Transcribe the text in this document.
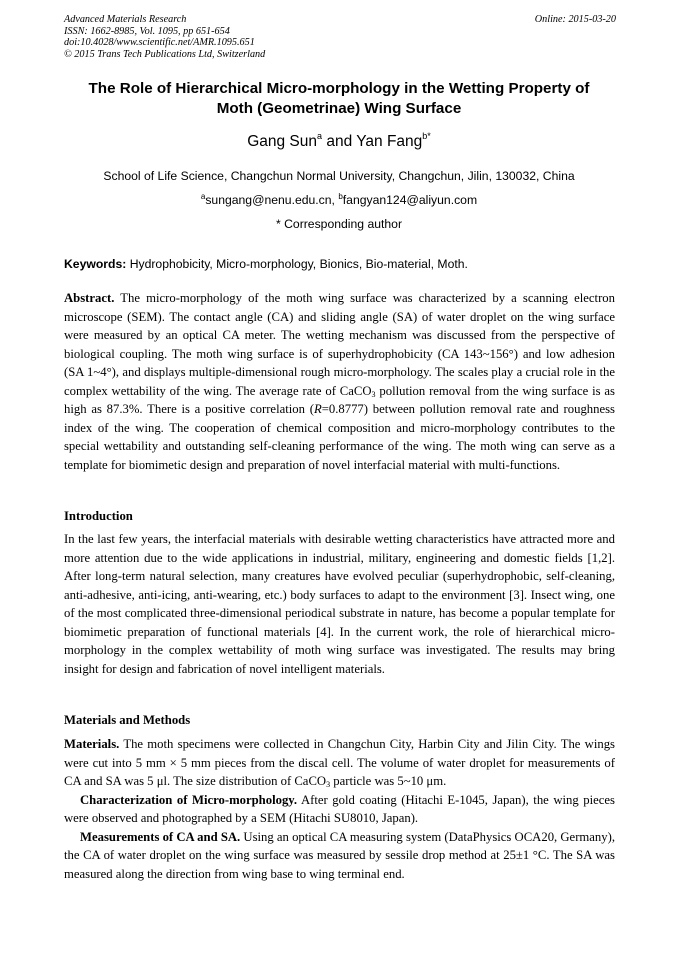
Advanced Materials Research
ISSN: 1662-8985, Vol. 1095, pp 651-654
doi:10.4028/www.scientific.net/AMR.1095.651
© 2015 Trans Tech Publications Ltd, Switzerland
Online: 2015-03-20
The Role of Hierarchical Micro-morphology in the Wetting Property of
Moth (Geometrinae) Wing Surface
Gang Sun$^a$ and Yan Fang$^{b*}$
School of Life Science, Changchun Normal University, Changchun, Jilin, 130032, China
$^a$sungang@nenu.edu.cn, $^b$fangyan124@aliyun.com
* Corresponding author
Keywords: Hydrophobicity, Micro-morphology, Bionics, Bio-material, Moth.

Abstract. The micro-morphology of the moth wing surface was characterized by a scanning electron microscope (SEM). The contact angle (CA) and sliding angle (SA) of water droplet on the wing surface were measured by an optical CA meter. The wetting mechanism was discussed from the perspective of biological coupling. The moth wing surface is of superhydrophobicity (CA 143~156°) and low adhesion (SA 1~4°), and displays multiple-dimensional rough micro-morphology. The scales play a crucial role in the complex wettability of the wing. The average rate of CaCO$_3$ pollution removal from the wing surface is as high as 87.3%. There is a positive correlation (R=0.8777) between pollution removal rate and roughness index of the wing. The cooperation of chemical composition and micro-morphology contributes to the special wettability and outstanding self-cleaning performance of the wing. The moth wing can serve as a template for biomimetic design and preparation of novel interfacial material with multi-functions.

Introduction

In the last few years, the interfacial materials with desirable wetting characteristics have attracted more and more attention due to the wide applications in industrial, military, engineering and domestic fields [1,2]. After long-term natural selection, many creatures have evolved peculiar (superhydrophobic, self-cleaning, anti-adhesive, anti-icing, anti-wearing, etc.) body surfaces to adapt to the environment [3]. Insect wing, one of the most complicated three-dimensional periodical substrate in nature, has become a popular template for biomimetic preparation of functional materials [4]. In the current work, the role of hierarchical micro-morphology in the complex wettability of moth wing surface was investigated. The results may bring insight for design and fabrication of novel intelligent materials.

Materials and Methods

Materials. The moth specimens were collected in Changchun City, Harbin City and Jilin City. The wings were cut into 5 mm × 5 mm pieces from the discal cell. The volume of water droplet for measurements of CA and SA was 5 μl. The size distribution of CaCO$_3$ particle was 5~10 μm.

Characterization of Micro-morphology. After gold coating (Hitachi E-1045, Japan), the wing pieces were observed and photographed by a SEM (Hitachi SU8010, Japan).

Measurements of CA and SA. Using an optical CA measuring system (DataPhysics OCA20, Germany), the CA of water droplet on the wing surface was measured by sessile drop method at 25±1 °C. The SA was measured along the direction from wing base to wing terminal end.
